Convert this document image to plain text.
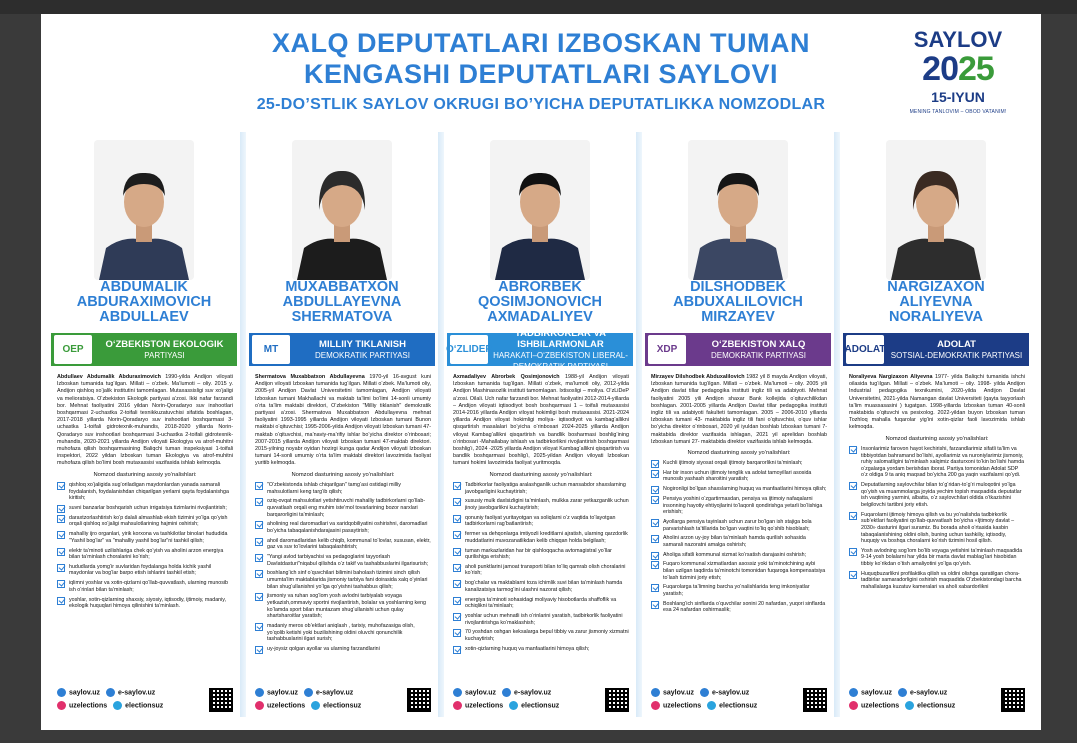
XALQ DEPUTATLARI IZBOSKAN TUMAN
KENGASHI DEPUTATLARI SAYLOVI
25-DO’STLIK SAYLOV OKRUGI BO’YICHA DEPUTATLIKKA NOMZODLAR
SAYLOV
2025
15-IYUN
MENING TANLOVIM – OBOD VATANIM!
ABDUMALIK
ABDURAXIMOVICH
ABDULLAEV
OEP	O‘ZBEKISTON EKOLOGIK
PARTIYASI
Abdullaev Abdumalik Abduraximovich 1990-yilda Andijon viloyati Izboskan tumanida tug‘ilgan. Millati – o‘zbek. Ma’lumoti – oliy. 2015 y. Andijon qishloq xo‘jalik institutini tamomlagan. Mutaxassisligi suv xo‘jaligi va melioratsiya. O‘zbekiston Ekologik partiyasi a’zosi. Ikki nafar farzandi bor. Mehnat faoliyatini 2016 yildan Norin-Qoradaryo suv inshootlari boshqarmasi 2-uchastka 2-toifali texnikkuzatuvchisi sifatida boshlagan, 2017-2018 yillarda Norin-Qoradaryo suv inshootlari boshqarmasi 3-uchastka 1-toifali gidrotexnik-muhandis, 2018-2020 yillarda Norin-Qoradaryo suv inshootlari boshqarmasi 3-uchastka 2-toifali gidrotexnik-muhandis, 2020-2021 yillarda Andijon viloyati Ekologiya va atrof-muhitni muhofaza qilish boshqarmasining Baliqchi tuman inspeksiyasi 1-toifali inspektori, 2022 yildan Izboskan tuman Ekologiya va atrof-muhitni muhofaza qilish bo‘limi bosh mutaxassisi vazifasida ishlab kelmoqda.
Nomzod dasturining asosiy yo‘nalishlari:
qishloq xo‘jaligida sug‘oriladigan maydonlardan yanada samarali foydalanish, foydalanishdan chiqarilgan yerlarni qayta foydalanishga kiritish;
suvni banzarlar boshqarish uchun irrigatsiya tizimlarini rivojlantirish;
daraxtzorlashtirish ko‘p dalali almashlab ekish tizimini yo‘lga qo‘yish orqali qishloq xo‘jaligi mahsulotlarining hajmini oshirish;
mahalliy ijro organlari, yirik korxona va tashkilotlar binolari hududida "Yashil bog‘lar" va "mahalliy yashil bog‘lar"ni tashkil qilish;
elektr ta’minoti uzilishlariga chek qo‘yish va aholini arzon energiya bilan ta’minlash choralarini ko‘rish;
hududlarda yomg‘ir suvlaridan foydalanga holda kichik yashil maydonlar va bog‘lar barpo etish ishlarini tashkil etish;
iqlimni yoshlar va xotin-qizlarni qo‘llab-quvvatlash, ularning munosib ish o‘rinlari bilan ta’minlash;
yoshlar, xotin-qizlarning shaxsiy, siyosiy, iqtisodiy, ijtimoiy, madaniy, ekologik huquqlari himoya qilinishini ta’minlash.
saylov.uz	e-saylov.uz
uzelections	electionsuz
MUXABBATXON
ABDULLAYEVNA
SHERMATOVA
MT	MILLIIY TIKLANISH
DEMOKRATIK PARTIYASI
Shermatova Muxabbatxon Abdullayevna 1970-yil 16-avgust kuni Andijon viloyati Izboskan tumanida tug‘ilgan. Millati o‘zbek. Ma’lumoti oliy, 2005-yil Andijon Davlat Universitetini tamomlagan, Andijon viloyati Izboskan tumani Makhallachi va maktab ta’limi bo‘limi 14-sonli umumiy o‘rta ta’lim maktabi direktori, O‘zbekiston "Milliy tiklanish" demokratik partiyasi a’zosi. Shermatova Muxabbatxon Abdullayevna mehnat faoliyatini 1993-1995 yillarda Andijon viloyati Izboskan tumani Bunon maktabi o‘qituvchisi; 1995-2006-yilda Andijon viloyati Izboskan tumani 47-maktab o‘qituvchisi, ma’naviy-ma’rifiy ishlar bo‘yicha direktor o‘rinbosari; 2007-2015 yillarda Andijon viloyati Izboskan tumani 47-maktab direktori. 2015-yilning noyabr oyidan hozirgi kunga qadar Andijon viloyati Izboskan tumani 14-sonli umumiy o‘rta ta’lim maktabi direktori lavozimida faoliyat yuritib kelmoqda.
Nomzod dasturining asosiy yo‘nalishlari:
"O‘zbekistonda ishlab chiqarilgan" tamg‘asi ostidagi milliy mahsulotlarni keng targ‘ib qilish;
oziq-ovqat mahsulotlari yetishtiruvchi mahalliy tadbirkorlarni qo‘llab-quvvatlash orqali eng muhim iste’mol tovarlarining bozor narxlari barqarorligini ta’minlash;
aholining real daromadlari va xaridqobiliyatini oshirishni, daromadlari bo‘yicha tabaqalanishdarajasini pasaytirish;
ahoil daromadlaridan kelib chiqib, kommunal to‘lovlar, xususan, elektr, gaz va suv to‘lovlarini tabaqalashtirish;
"Yangi avlod tarbiyachisi va pedagoglarini tayyorlash Davlatdasturi"niqabul qilishda o‘z takif va tashabbuslarini ilgarisurish;
boshlang‘ich sinf o‘quvchilari bilimini baholash tizimini sinch qilish umumta’lim maktablarida jismoniy tarbiya fani doirasida xalq o‘yinlari bilan shug‘ullanishni yo‘lga qo‘yishni tashabbus qilish;
jismoniy va ruhan sog‘lom yosh avlodni tarbiyalab voyaga yetkazish,ommaviy sportni rivojlantirish, bolalar va yoshlarning keng ko‘lamda sport bilan muntazam shug‘ullanishi uchun qulay shartsharoitlar yaratish;
madaniy meros ob’ektlari aniqlash , tarixiy, muhofazasiga olish, yo‘qolib ketishi yoki buzilishining oldini oluvchi qonunchilik tashabbuslarini ilgari surish;
uy-joysiz qolgan ayollar va ularning farzandlarini
saylov.uz	e-saylov.uz
uzelections	electionsuz
ABRORBEK
QOSIMJONOVICH
AXMADALIYEV
O‘ZLIDEP
TADBIRKORLAR VA ISHBILARMONLAR
HARAKATI–O‘ZBEKISTON LIBERAL-DEMOKRATIK PARTIYASI
Axmadaliyev Abrorbek Qosimjonovich 1988-yil Andijon viloyati Izboskan tumanida tug‘ilgan. Millati o‘zbek, ma’lumoti oliy, 2012-yilda Andijon Mashinasozlik instituti tamomlagan. Ixtisosligi – moliya. O‘zLiDeP a’zosi. Oilali. Uch nafar farzandi bor. Mehnat faoliyatini 2012-2014-yillarda – Andijon viloyati iqtisodiyot bosh boshqarmasi 1 – toifali mutaxassisi 2014-2016 yillarda Andijon viloyat hokimligi bosh mutaxassisi. 2021-2024 yillarda Andijon viloyat hokimligi moliya- iqtisodiyot va kambag‘allikni qisqartirish masalalari bo‘yicha o‘rinbosari 2024-2025 yillarda Andijon viloyat Kambag‘allikni qisqartirish va bandlik bosharmasi boshlig‘ining o‘rinbosari -Mahallabay ishlash va tadbirkorlikni rivojlantirish boshqarmasi boshlig‘i, 2024 -2025 yillarda Andijon viloyat Kambag‘allikni qisqartirish va bandlik boshqarmasi boshlig‘i, 2025-yildan Andijon viloyati Izboskan tumani hokimi lavozimida faoliyat yuritmoqda.
Nomzod dasturining asosiy yo‘nalishlari:
Tadbirkorlar faoliyatiga aralashganlik uchun mansabdor shaxslarning javobgarligini kuchaytirish;
xususiy mulk daxlsizligini ta’minlash, mulkka zarar yetkazganlik uchun jinoiy javobgarlikni kuchaytirish;
qonuniy faoliyat yuritayotgan va soliqlarni o‘z vaqtida to‘layotgan tadbirkorlarni rag‘batlantirish;
fermer va dehqonlarga imtiyozli kreditlarni ajratish, ularning qarzdorlik muddatlarini muvozanatlikdan kelib chiqqan holda belgilash;
tuman markazlaridan har bir qishloqqacha avtomagistral yo‘llar qurilishiga erishish;
aholi punktlarini jamoat transporti bilan to‘liq qamrab olish choralarini ko‘rish;
bog‘chalar va maktablarni toza ichimlik suvi bilan ta’minlash hamda kanalizatsiya tarmog‘ini ulashni nazorat qilish;
energiya ta’minoti sohasidagi moliyaviy hisobotlarda shaffoflik va ochiqlikni ta’minlash;
yoshlar uchun mehnatli ish o‘rinlarini yaratish, tadbirkorlik faoliyatini rivojlantirishga ko‘maklashish;
70 yoshdan oshgan keksalarga bepul tibbiy va zarur jismoniy xizmatni kuchaytirish;
xotin-qizlarning huquq va manfaatlarini himoya qilish;
saylov.uz	e-saylov.uz
uzelections	electionsuz
DILSHODBEK
ABDUXALILOVICH
MIRZAYEV
XDP	O‘ZBEKISTON XALQ
DEMOKRATIK PARTIYASI
Mirzayev Dilshodbek Abduxalilovich 1982 yil 8 mayda Andijon viloyati, Izboskan tumanida tug‘ilgan. Millati – o‘zbek. Ma’lumoti – oliy. 2005 yili Andijon davlat tillar pedagogika instituti ingliz tili va adabiyoti. Mehnat faoliyatini 2005 yili Andijon shaxar Bank kollejida o‘qituvchilikdan boshlagan. 2001-2005 yillarda Andijon Davlat tillar pedagogika instituti ingliz tili va adabiyoti fakulteti tamomlagan. 2005 – 2006-2010 yillarda Izboskan tumani 43- maktabida ingliz tili fani o‘qituvchisi, o‘quv ishlar bo‘yicha direktor o‘rinbosari, 2020 yil iyuldan boshlab Izboskan tumani 7- maktabida direktor vazifasida ishlagan, 2021 yil aprelidan boshlab Izboskan tumani 27- maktabida direktor vazifasida ishlab kelmoqda.
Nomzod dasturining asosiy yo‘nalishlari:
Kuchli ijtimoiy siyosat orqali ijtimoiy barqarorlikni ta’minlash;
Har bir inson uchun ijtimoiy tenglik va adolat tamoyillari asosida munosib yashash sharoitini yaratish;
Nogironligi bo‘lgan shaxslarning huquq va manfaatlarini himoya qilish;
Pensiya yoshini o‘zgartirmasdan, pensiya va ijtimoiy nafaqalarni insonning hayotiy ehtiyojlarini to‘laqonli qondirishga yetarli bo‘lishiga erishish;
Ayollarga pensiya tayinlash uchun zarur bo‘lgan ish stajiga bola parvarishlash ta’tillarida bo‘lgan vaqtini to‘liq qo‘shib hisoblash;
Aholini arzon uy-joy bilan ta’minlash hamda qurilish sohasida samarali nazoratni amalga oshirish;
Aholiga sifatli kommunal xizmat ko‘rsatish darajasini oshirish;
Fuqaro kommunal xizmatlardan asossiz yoki ta’minotchining aybi bilan uzilgan taqdirda ta’minotchi tomonidan fuqaroga kompensatsiya to‘lash tizimini joriy etish;
Fuqarolarga ta’limning barcha yo‘nalishlarida teng imkoniyatlar yaratish;
Boshlang‘ich sinflarda o‘quvchilar sonini 20 nafardan, yuqori sinflarda esa 24 nafardan oshirmaslik;
saylov.uz	e-saylov.uz
uzelections	electionsuz
NARGIZAXON
ALIYEVNA
NORALIYEVA
ADOLAT	ADOLAT
SOTSIAL-DEMOKRATIK PARTIYASI
Noraliyeva Nargizaxon Aliyevna 1977- yilda Baliqchi tumanida ishchi oilasida tug‘ilgan. Millati – o‘zbek. Ma’lumoti – oliy. 1998- yilda Andijon Industrial pedagogika texnikumini, 2020-yilda Andijon Davlat Universitetini, 2021-yilda Namangan davlat Universiteti (qayta tayyorlash ta’lim muassasasini ) tugatgan. 1998-yillarda Izboskan tuman 40-sonli maktabida o‘qituvchi va pesixolog. 2022-yildan buyon Izboskan tuman Tozhloq mahalla fuqarolar yig‘ini xotin-qizlar faoli lavozimida ishlab kelmoqda.
Nomzod dasturining asosiy yo‘nalishlari:
Insonlarimiz farovon hayot kechirishi, farzandlarimiz sifatli ta’lim va tibbiyotdan bahramand bo‘lishi, ayollarimiz va nuroniylarimiz jismoniy, ruhiy salomatligini ta’minlash xalqimiz dasturxoni to‘kin bo‘lishi hamda o‘zgalarga yordam berishdan iborat. Partiya tomonidan Adolat SDP o‘z oldiga 9 ta aniq maqsad bo‘yicha 200 ga yaqin vazifalarni qo‘ydi.
Deputatlarning saylovchilar bilan to‘g‘ridan-to‘g‘ri muloqotini yo‘lga qo‘yish va muammolarga joyida yechim topish maqsadida deputatlar ish vaqtining yarmini, albatta, o‘z saylovchilari oldida o‘tkazishini belgilovchi tartibni joriy etish.
Fuqarolarni ijtimoiy himoya qilish va bu yo‘nalishda tadbirkorlik sub’ektlari faoliyatini qo‘llab-quvvatlash bo‘yicha «Ijtimoiy davlat – 2030» dasturini ilgari suramiz. Bu borada aholi o‘rtasida kasbin tabaqalanishining oldini olish, buning uchun tashkiliy, iqtisodiy, huquqiy va boshqa choralarni ko‘rish tizimini hosil qilish.
Yosh avlodning sog‘lom bo‘lib voyaga yetishini ta’minlash maqsadida 9-14 yosh bolalarni har yilda bir marta davlat mablag‘lari hisobidan tibbiy ko‘rikdan o‘tish amaliyotini yo‘lga qo‘yish.
Huquqbuzarlikni profilaktika qilish va oldini olishga qaratilgan chora-tadbirlar samaradorligini oshirish maqsadida O‘zbekistondagi barcha mahallalarga kuzatuv kameralari va aholi xabardorlikni
saylov.uz	e-saylov.uz
uzelections	electionsuz
